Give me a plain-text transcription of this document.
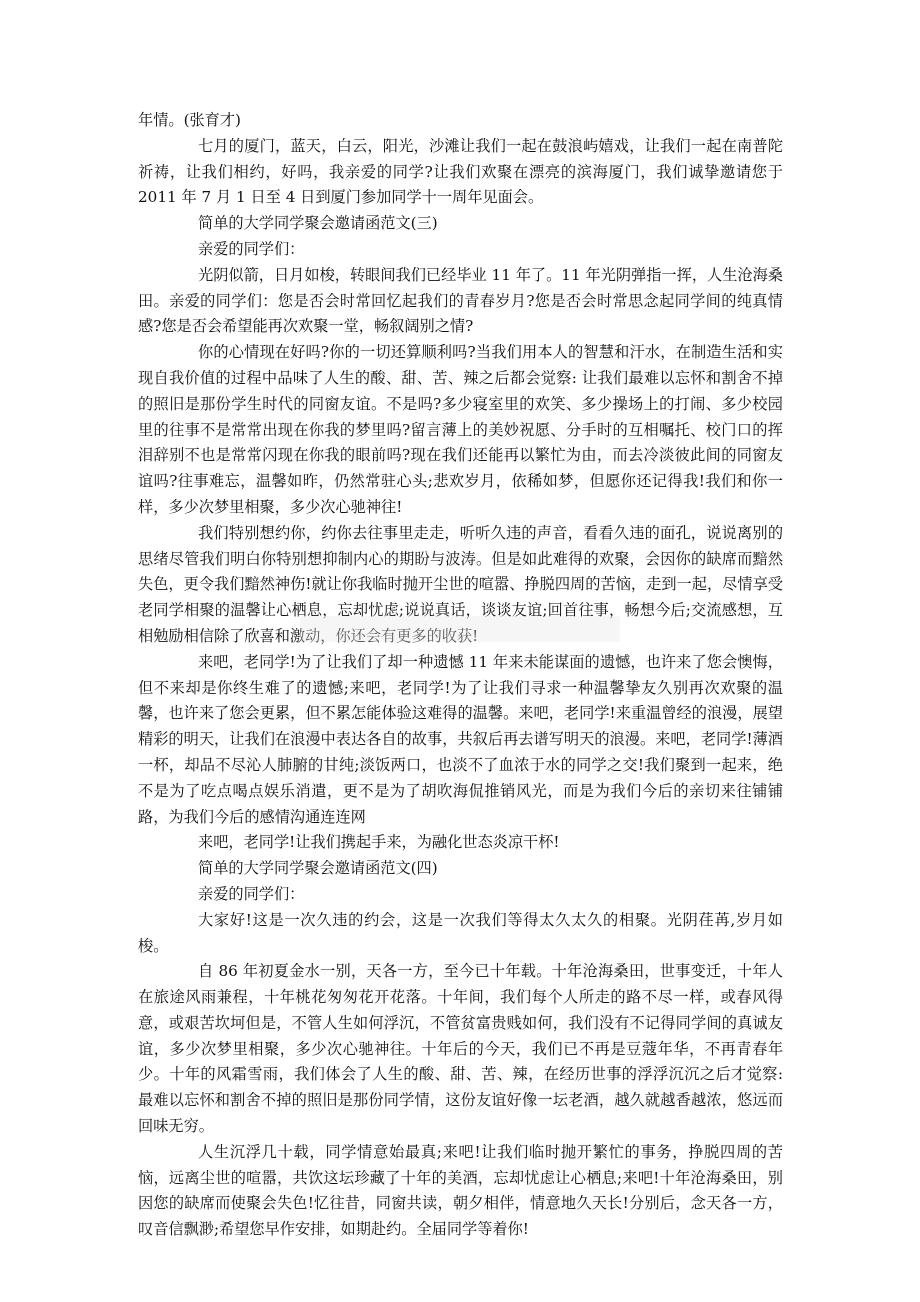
年情。(张育才)

七月的厦门，蓝天，白云，阳光，沙滩让我们一起在鼓浪屿嬉戏，让我们一起在南普陀祈祷，让我们相约，好吗，我亲爱的同学?让我们欢聚在漂亮的滨海厦门，我们诚挚邀请您于 2011 年 7 月 1 日至 4 日到厦门参加同学十一周年见面会。

简单的大学同学聚会邀请函范文(三)

亲爱的同学们：

光阴似箭，日月如梭，转眼间我们已经毕业 11 年了。11 年光阴弹指一挥，人生沧海桑田。亲爱的同学们：您是否会时常回忆起我们的青春岁月?您是否会时常思念起同学间的纯真情感?您是否会希望能再次欢聚一堂，畅叙阔别之情?

你的心情现在好吗?你的一切还算顺利吗?当我们用本人的智慧和汗水，在制造生活和实现自我价值的过程中品味了人生的酸、甜、苦、辣之后都会觉察: 让我们最难以忘怀和割舍不掉的照旧是那份学生时代的同窗友谊。不是吗?多少寝室里的欢笑、多少操场上的打闹、多少校园里的往事不是常常出现在你我的梦里吗?留言薄上的美妙祝愿、分手时的互相嘱托、校门口的挥泪辞别不也是常常闪现在你我的眼前吗?现在我们还能再以繁忙为由，而去冷淡彼此间的同窗友谊吗?往事难忘，温馨如昨，仍然常驻心头;悲欢岁月，依稀如梦，但愿你还记得我!我们和你一样，多少次梦里相聚，多少次心驰神往!

我们特别想约你，约你去往事里走走，听听久违的声音，看看久违的面孔，说说离别的思绪尽管我们明白你特别想抑制内心的期盼与波涛。但是如此难得的欢聚，会因你的缺席而黯然失色，更令我们黯然神伤!就让你我临时抛开尘世的喧嚣、挣脱四周的苦恼，走到一起，尽情享受老同学相聚的温馨让心栖息，忘却忧虑;说说真话，谈谈友谊;回首往事，畅想今后;交流感想，互相勉励相信除了欣喜和激动，你还会有更多的收获!

来吧，老同学!为了让我们了却一种遗憾 11 年来未能谋面的遗憾，也许来了您会懊悔，但不来却是你终生难了的遗憾;来吧，老同学!为了让我们寻求一种温馨挚友久别再次欢聚的温馨，也许来了您会更累，但不累怎能体验这难得的温馨。来吧，老同学!来重温曾经的浪漫，展望精彩的明天，让我们在浪漫中表达各自的故事，共叙后再去谱写明天的浪漫。来吧，老同学!薄酒一杯，却品不尽沁人肺腑的甘纯;淡饭两口，也淡不了血浓于水的同学之交!我们聚到一起来，绝不是为了吃点喝点娱乐消遣，更不是为了胡吹海侃推销风光，而是为我们今后的亲切来往铺铺路，为我们今后的感情沟通连连网

来吧，老同学!让我们携起手来，为融化世态炎凉干杯!

简单的大学同学聚会邀请函范文(四)

亲爱的同学们：

大家好!这是一次久违的约会，这是一次我们等得太久太久的相聚。光阴荏苒,岁月如梭。

自 86 年初夏金水一别，天各一方，至今已十年载。十年沧海桑田，世事变迁，十年人在旅途风雨兼程，十年桃花匆匆花开花落。十年间，我们每个人所走的路不尽一样，或春风得意，或艰苦坎坷但是，不管人生如何浮沉，不管贫富贵贱如何，我们没有不记得同学间的真诚友谊，多少次梦里相聚，多少次心驰神往。十年后的今天，我们已不再是豆蔻年华，不再青春年少。十年的风霜雪雨，我们体会了人生的酸、甜、苦、辣，在经历世事的浮浮沉沉之后才觉察: 最难以忘怀和割舍不掉的照旧是那份同学情，这份友谊好像一坛老酒，越久就越香越浓，悠远而回味无穷。

人生沉浮几十载，同学情意始最真;来吧!让我们临时抛开繁忙的事务，挣脱四周的苦恼，远离尘世的喧嚣，共饮这坛珍藏了十年的美酒，忘却忧虑让心栖息;来吧!十年沧海桑田，别因您的缺席而使聚会失色!忆往昔，同窗共读，朝夕相伴，情意地久天长!分别后，念天各一方，叹音信飘渺;希望您早作安排，如期赴约。全届同学等着你!
